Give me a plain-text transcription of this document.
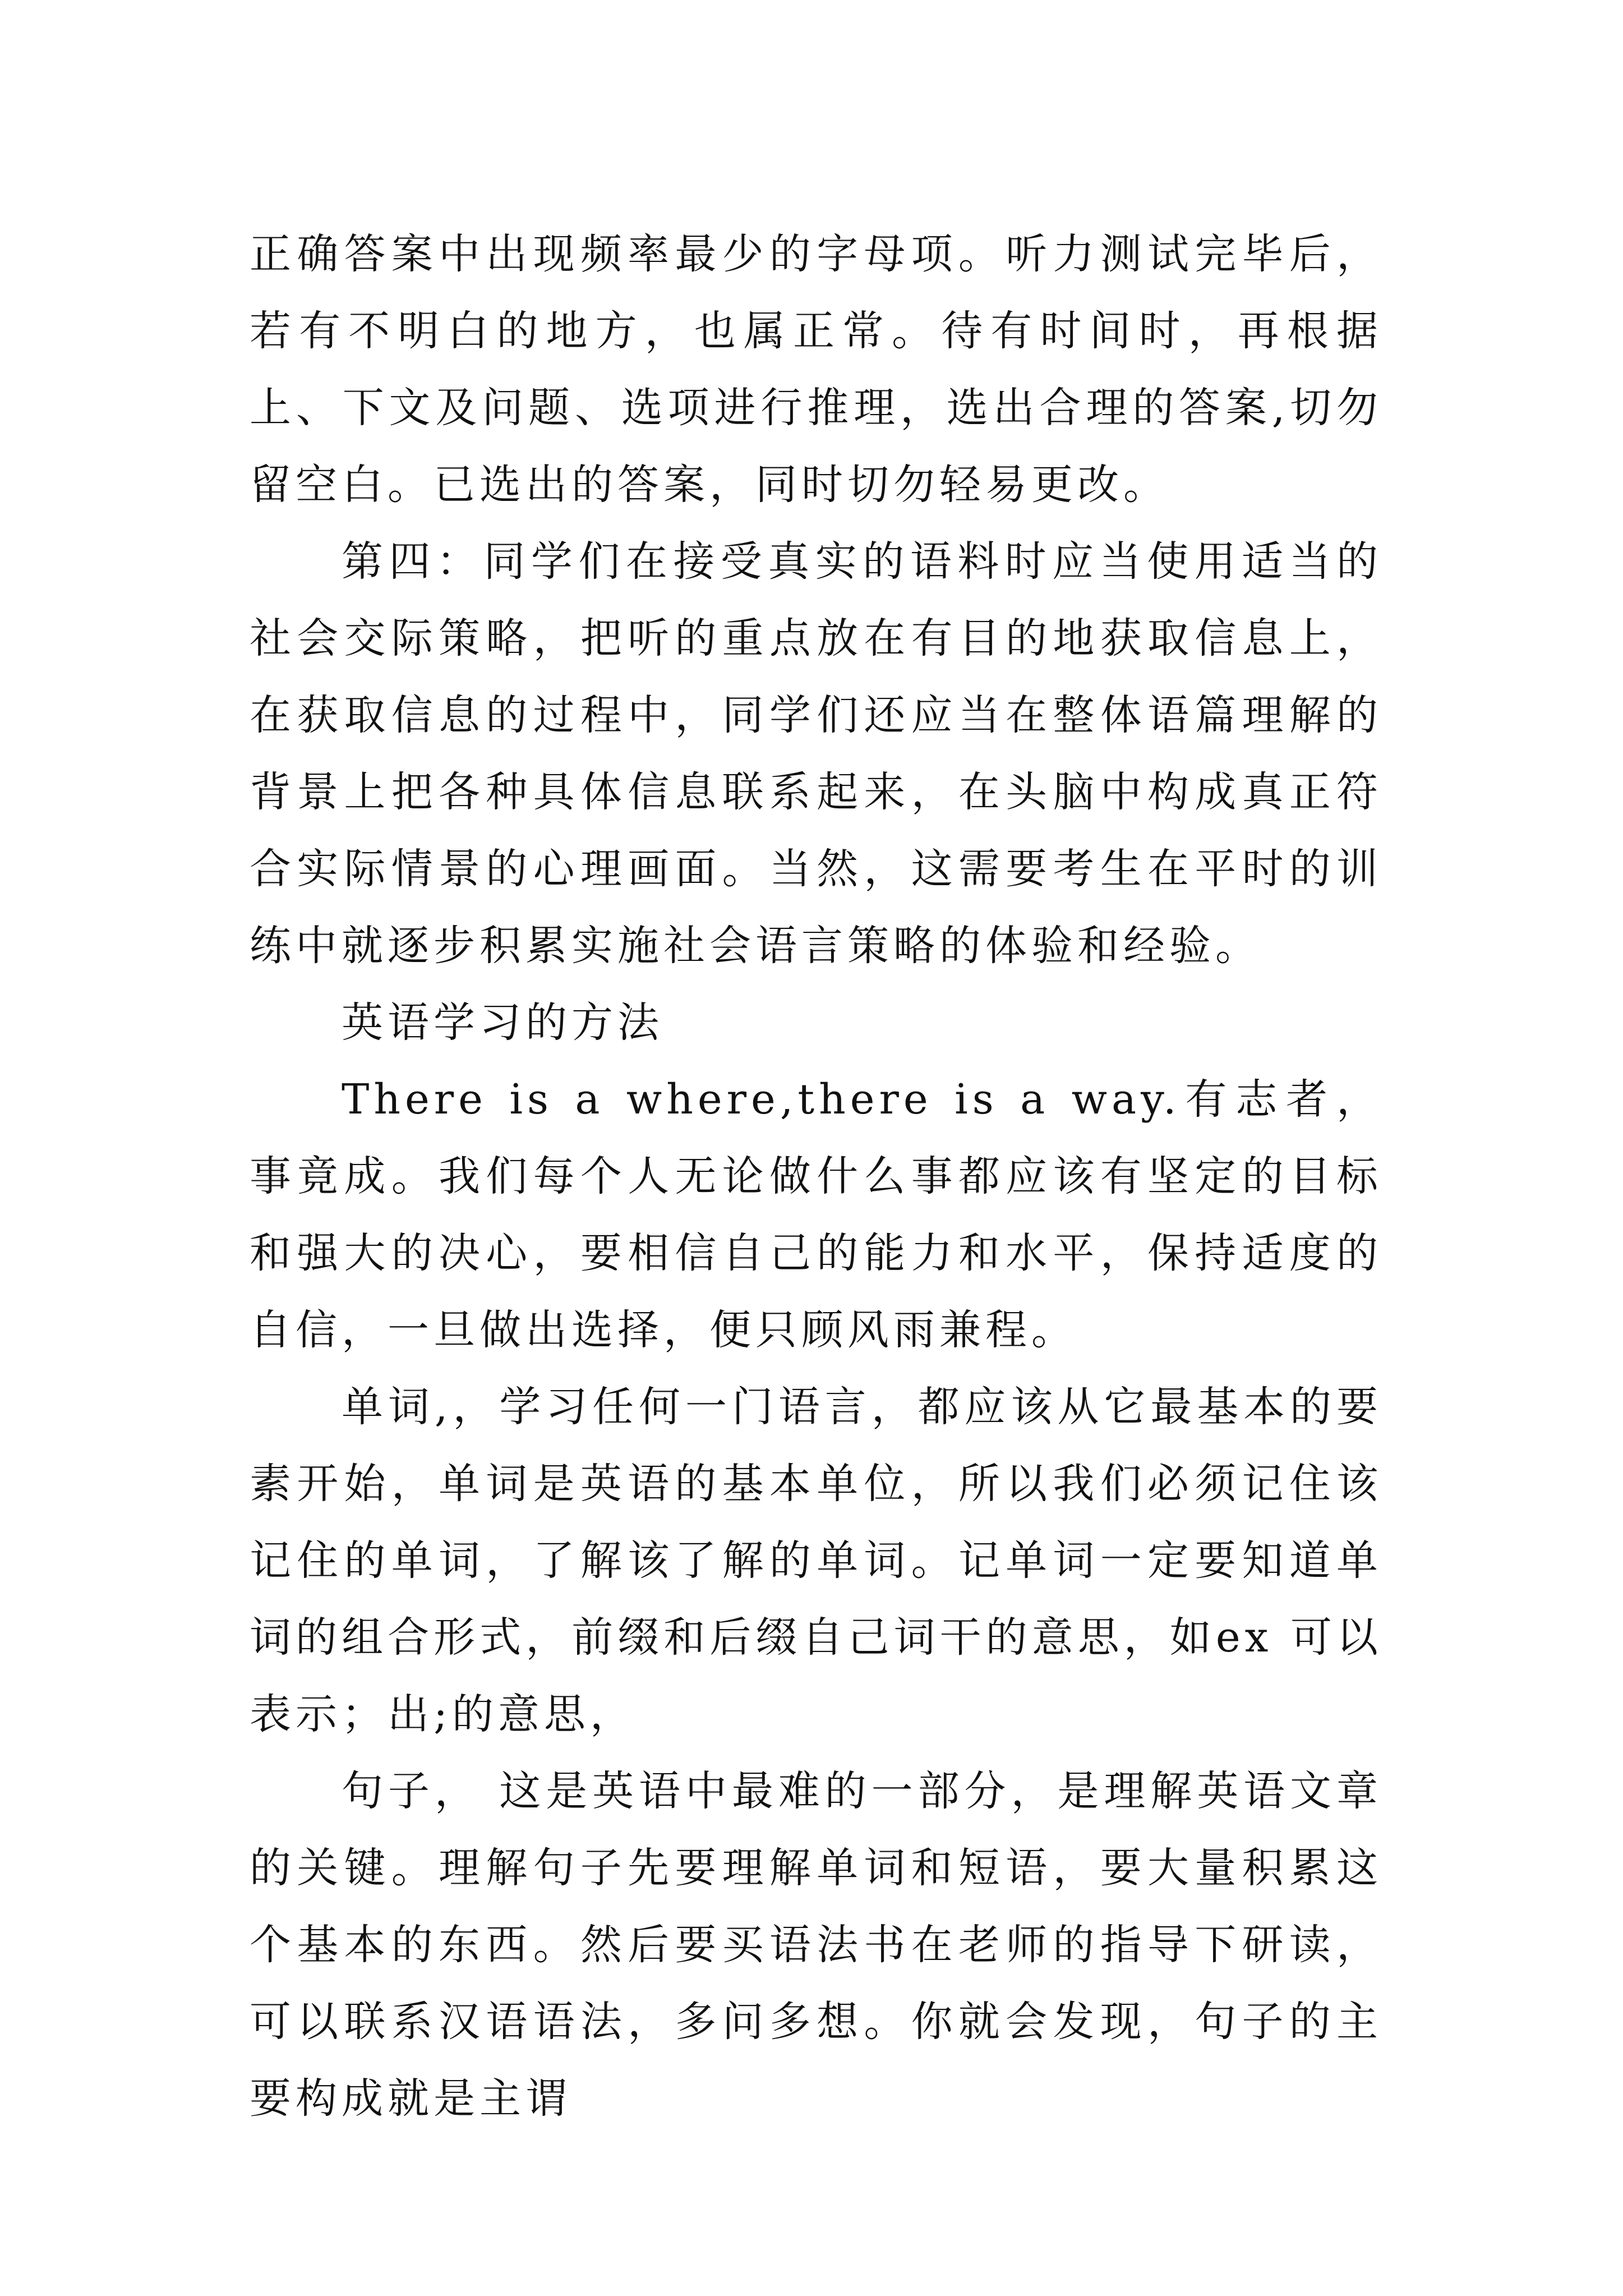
正确答案中出现频率最少的字母项。听力测试完毕后，若有不明白的地方，也属正常。待有时间时，再根据上、下文及问题、选项进行推理，选出合理的答案,切勿留空白。已选出的答案，同时切勿轻易更改。

第四：同学们在接受真实的语料时应当使用适当的社会交际策略，把听的重点放在有目的地获取信息上，在获取信息的过程中，同学们还应当在整体语篇理解的背景上把各种具体信息联系起来，在头脑中构成真正符合实际情景的心理画面。当然，这需要考生在平时的训练中就逐步积累实施社会语言策略的体验和经验。

英语学习的方法

There is a where,there is a way.有志者，事竟成。我们每个人无论做什么事都应该有坚定的目标和强大的决心，要相信自己的能力和水平，保持适度的自信，一旦做出选择，便只顾风雨兼程。

单词,，学习任何一门语言，都应该从它最基本的要素开始，单词是英语的基本单位，所以我们必须记住该记住的单词，了解该了解的单词。记单词一定要知道单词的组合形式，前缀和后缀自己词干的意思，如ex 可以表示；出;的意思，

句子， 这是英语中最难的一部分，是理解英语文章的关键。理解句子先要理解单词和短语，要大量积累这个基本的东西。然后要买语法书在老师的指导下研读，可以联系汉语语法，多问多想。你就会发现，句子的主要构成就是主谓
